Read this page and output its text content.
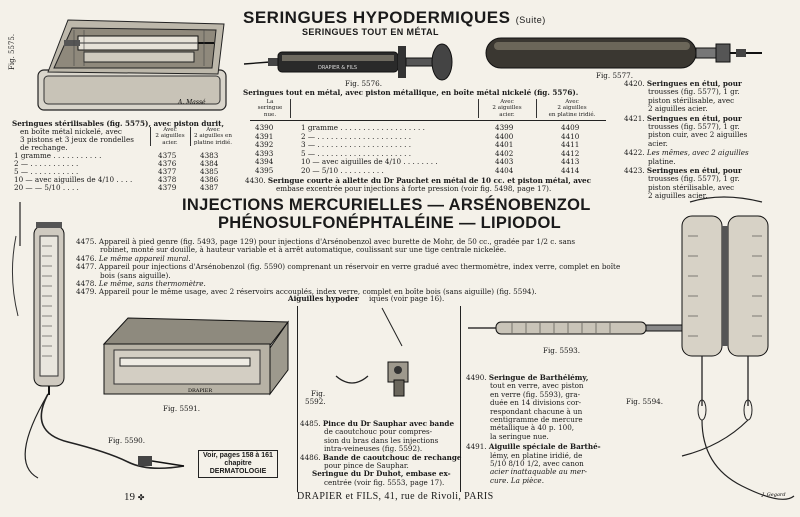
SERINGUES HYPODERMIQUES (Suite)
SERINGUES TOUT EN MÉTAL
A. Massé
Fig. 5575.
Seringues stérilisables (fig. 5575), avec piston durit,
en boîte métal nickelé, avec
3 pistons et 3 jeux de rondelles
de rechange.
Avec
2 aiguilles
acier.
Avec
2 aiguilles en
platine iridié.
1 gramme . . . . . . . . . . .	4375	4383
2 — . . . . . . . . . . .	4376	4384
5 — . . . . . . . . . . .	4377	4385
10 — avec aiguilles de 4/10 . . . .	4378	4386
20 — — 5/10 . . . .	4379	4387
DRAPIER & FILS
Fig. 5576.
Seringues tout en métal, avec piston métallique, en boîte métal nickelé (fig. 5576).
La
seringue
nue.
Avec
2 aiguilles
acier.
Avec
2 aiguilles
en platine iridié.
4390	1 gramme . . . . . . . . . . . . . . . . . . .	4399	4409
4391	2 — . . . . . . . . . . . . . . . . . . . . .	4400	4410
4392	3 — . . . . . . . . . . . . . . . . . . . . .	4401	4411
4393	5 — . . . . . . . . . . . . . . . . . . . . .	4402	4412
4394	10 — avec aiguilles de 4/10 . . . . . . . .	4403	4413
4395	20 — 5/10 . . . . . . . . . .	4404	4414
4430. Seringue courte à allette du Dr Pauchet en métal de 10 cc. et piston métal, avec
embase excentrée pour injections à forte pression (voir fig. 5498, page 17).
Fig. 5577.
4420. Seringues en étui, pour
trousses (fig. 5577), 1 gr.
piston stérilisable, avec
2 aiguilles acier.
4421. Seringues en étui, pour
trousses (fig. 5577), 1 gr.
piston cuir, avec 2 aiguilles
acier.
4422. Les mêmes, avec 2 aiguilles
platine.
4423. Seringues en étui, pour
trousses (fig. 5577), 1 gr.
piston stérilisable, avec
2 aiguilles acier.
INJECTIONS MERCURIELLES — ARSÉNOBENZOL
PHÉNOSULFONÉPHTALÉINE — LIPIODOL
4475. Appareil à pied genre (fig. 5493, page 129) pour injections d'Arsénobenzol avec burette de Mohr, de 50 cc., gradée par 1/2 c. sans
robinet, monté sur douille, à hauteur variable et à arrêt automatique, coulissant sur une tige centrale nickelée.
4476. Le même appareil mural.
4477. Appareil pour injections d'Arsénobenzol (fig. 5590) comprenant un réservoir en verre gradué avec thermomètre, index verre, complet en boîte
bois (sans aiguille).
4478. Le même, sans thermomètre.
4479. Appareil pour le même usage, avec 2 réservoirs accouplés, index verre, complet en boîte bois (sans aiguille) (fig. 5594).
Aiguilles hypoder iques (voir page 16).
Fig. 5590.
DRAPIER
Fig. 5591.
Fig.
5592.
4485. Pince du Dr Sauphar avec bande
de caoutchouc pour compres-
sion du bras dans les injections
intra-veineuses (fig. 5592).
4486. Bande de caoutchouc de rechange
pour pince de Sauphar.
Seringue du Dr Duhot, embase ex-
centrée (voir fig. 5553, page 17).
Voir, pages 158 à 161
chapitre
DERMATOLOGIE
Fig. 5593.
4490. Seringue de Barthélémy,
tout en verre, avec piston
en verre (fig. 5593), gra-
duée en 14 divisions cor-
respondant chacune à un
centigramme de mercure
métallique à 40 p. 100,
la seringue nue.
4491. Aiguille spéciale de Barthé-
lémy, en platine iridié, de
5/10 8/10 1/2, avec canon
acier inattaquable au mer-
cure. La pièce.
J. Gegard
Fig. 5594.
19 ✤	DRAPIER et FILS, 41, rue de Rivoli, PARIS
